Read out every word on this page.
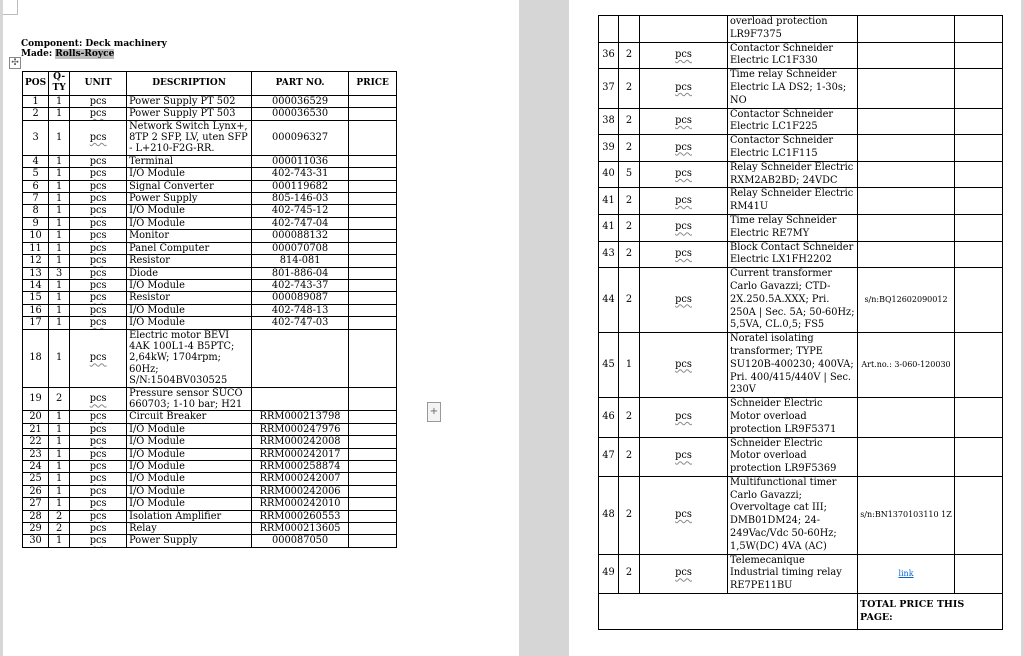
Component: Deck machinery
Made: Rolls-Royce
✣
POS	Q-TY	UNIT	DESCRIPTION	PART NO.	PRICE
1	1	pcs	Power Supply PT 502	000036529	
2	1	pcs	Power Supply PT 503	000036530	
3	1	pcs	Network Switch Lynx+, 8TP 2 SFP, LV, uten SFP - L+210-F2G-RR.	000096327	
4	1	pcs	Terminal	000011036	
5	1	pcs	I/O Module	402-743-31	
6	1	pcs	Signal Converter	000119682	
7	1	pcs	Power Supply	805-146-03	
8	1	pcs	I/O Module	402-745-12	
9	1	pcs	I/O Module	402-747-04	
10	1	pcs	Monitor	000088132	
11	1	pcs	Panel Computer	000070708	
12	1	pcs	Resistor	814-081	
13	3	pcs	Diode	801-886-04	
14	1	pcs	I/O Module	402-743-37	
15	1	pcs	Resistor	000089087	
16	1	pcs	I/O Module	402-748-13	
17	1	pcs	I/O Module	402-747-03	
18	1	pcs	Electric motor BEVI 4AK 100L1-4 B5PTC; 2,64kW; 1704rpm; 60Hz; S/N:1504BV030525		
19	2	pcs	Pressure sensor SUCO 660703; 1-10 bar; H21		
20	1	pcs	Circuit Breaker	RRM000213798	
21	1	pcs	I/O Module	RRM000247976	
22	1	pcs	I/O Module	RRM000242008	
23	1	pcs	I/O Module	RRM000242017	
24	1	pcs	I/O Module	RRM000258874	
25	1	pcs	I/O Module	RRM000242007	
26	1	pcs	I/O Module	RRM000242006	
27	1	pcs	I/O Module	RRM000242010	
28	2	pcs	Isolation Amplifier	RRM000260553	
29	2	pcs	Relay	RRM000213605	
30	1	pcs	Power Supply	000087050	
+
			overload protection LR9F7375		
36	2	pcs	Contactor Schneider Electric LC1F330		
37	2	pcs	Time relay Schneider Electric LA DS2; 1-30s; NO		
38	2	pcs	Contactor Schneider Electric LC1F225		
39	2	pcs	Contactor Schneider Electric LC1F115		
40	5	pcs	Relay Schneider Electric RXM2AB2BD; 24VDC		
41	2	pcs	Relay Schneider Electric RM41U		
41	2	pcs	Time relay Schneider Electric RE7MY		
43	2	pcs	Block Contact Schneider Electric LX1FH2202		
44	2	pcs	Current transformer Carlo Gavazzi; CTD-2X.250.5A.XXX; Pri. 250A | Sec. 5A; 50-60Hz; 5,5VA, CL.0,5; FS5	s/n:BQ12602090012	
45	1	pcs	Noratel isolating transformer; TYPE SU120B-400230; 400VA; Pri. 400/415/440V | Sec. 230V	Art.no.: 3-060-120030	
46	2	pcs	Schneider Electric Motor overload protection LR9F5371		
47	2	pcs	Schneider Electric Motor overload protection LR9F5369		
48	2	pcs	Multifunctional timer Carlo Gavazzi; Overvoltage cat III; DMB01DM24; 24-249Vac/Vdc 50-60Hz; 1,5W(DC) 4VA (AC)	s/n:BN1370103110 1Z	
49	2	pcs	Telemecanique Industrial timing relay RE7PE11BU	link	
				TOTAL PRICE THIS PAGE:	
